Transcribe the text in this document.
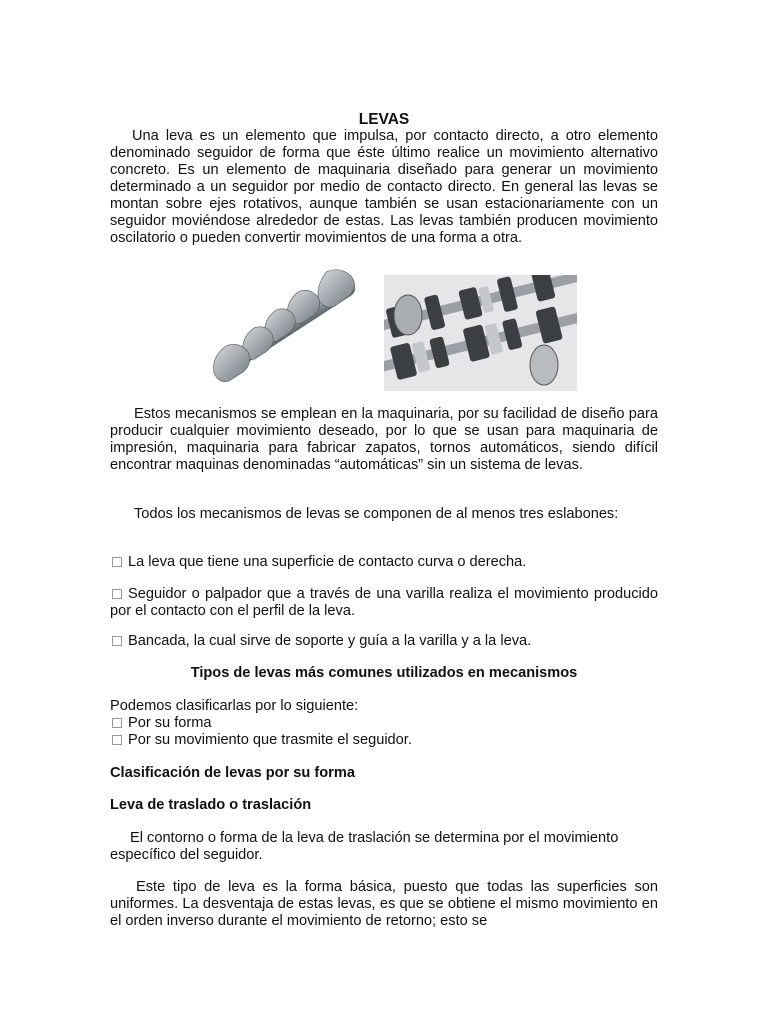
LEVAS

Una leva es un elemento que impulsa, por contacto directo, a otro elemento denominado seguidor de forma que éste último realice un movimiento alternativo concreto. Es un elemento de maquinaria diseñado para generar un movimiento determinado a un seguidor por medio de contacto directo. En general las levas se montan sobre ejes rotativos, aunque también se usan estacionariamente con un seguidor moviéndose alrededor de estas. Las levas también producen movimiento oscilatorio o pueden convertir movimientos de una forma a otra.

Estos mecanismos se emplean en la maquinaria, por su facilidad de diseño para producir cualquier movimiento deseado, por lo que se usan para maquinaria de impresión, maquinaria para fabricar zapatos, tornos automáticos, siendo difícil encontrar maquinas denominadas “automáticas” sin un sistema de levas.

Todos los mecanismos de levas se componen de al menos tres eslabones:

La leva que tiene una superficie de contacto curva o derecha.

Seguidor o palpador que a través de una varilla realiza el movimiento producido por el contacto con el perfil de la leva.

Bancada, la cual sirve de soporte y guía a la varilla y a la leva.

Tipos de levas más comunes utilizados en mecanismos

Podemos clasificarlas por lo siguiente:

Por su forma

Por su movimiento que trasmite el seguidor.

Clasificación de levas por su forma

Leva de traslado o traslación

El contorno o forma de la leva de traslación se determina por el movimiento específico del seguidor.

Este tipo de leva es la forma básica, puesto que todas las superficies son uniformes. La desventaja de estas levas, es que se obtiene el mismo movimiento en el orden inverso durante el movimiento de retorno; esto se
